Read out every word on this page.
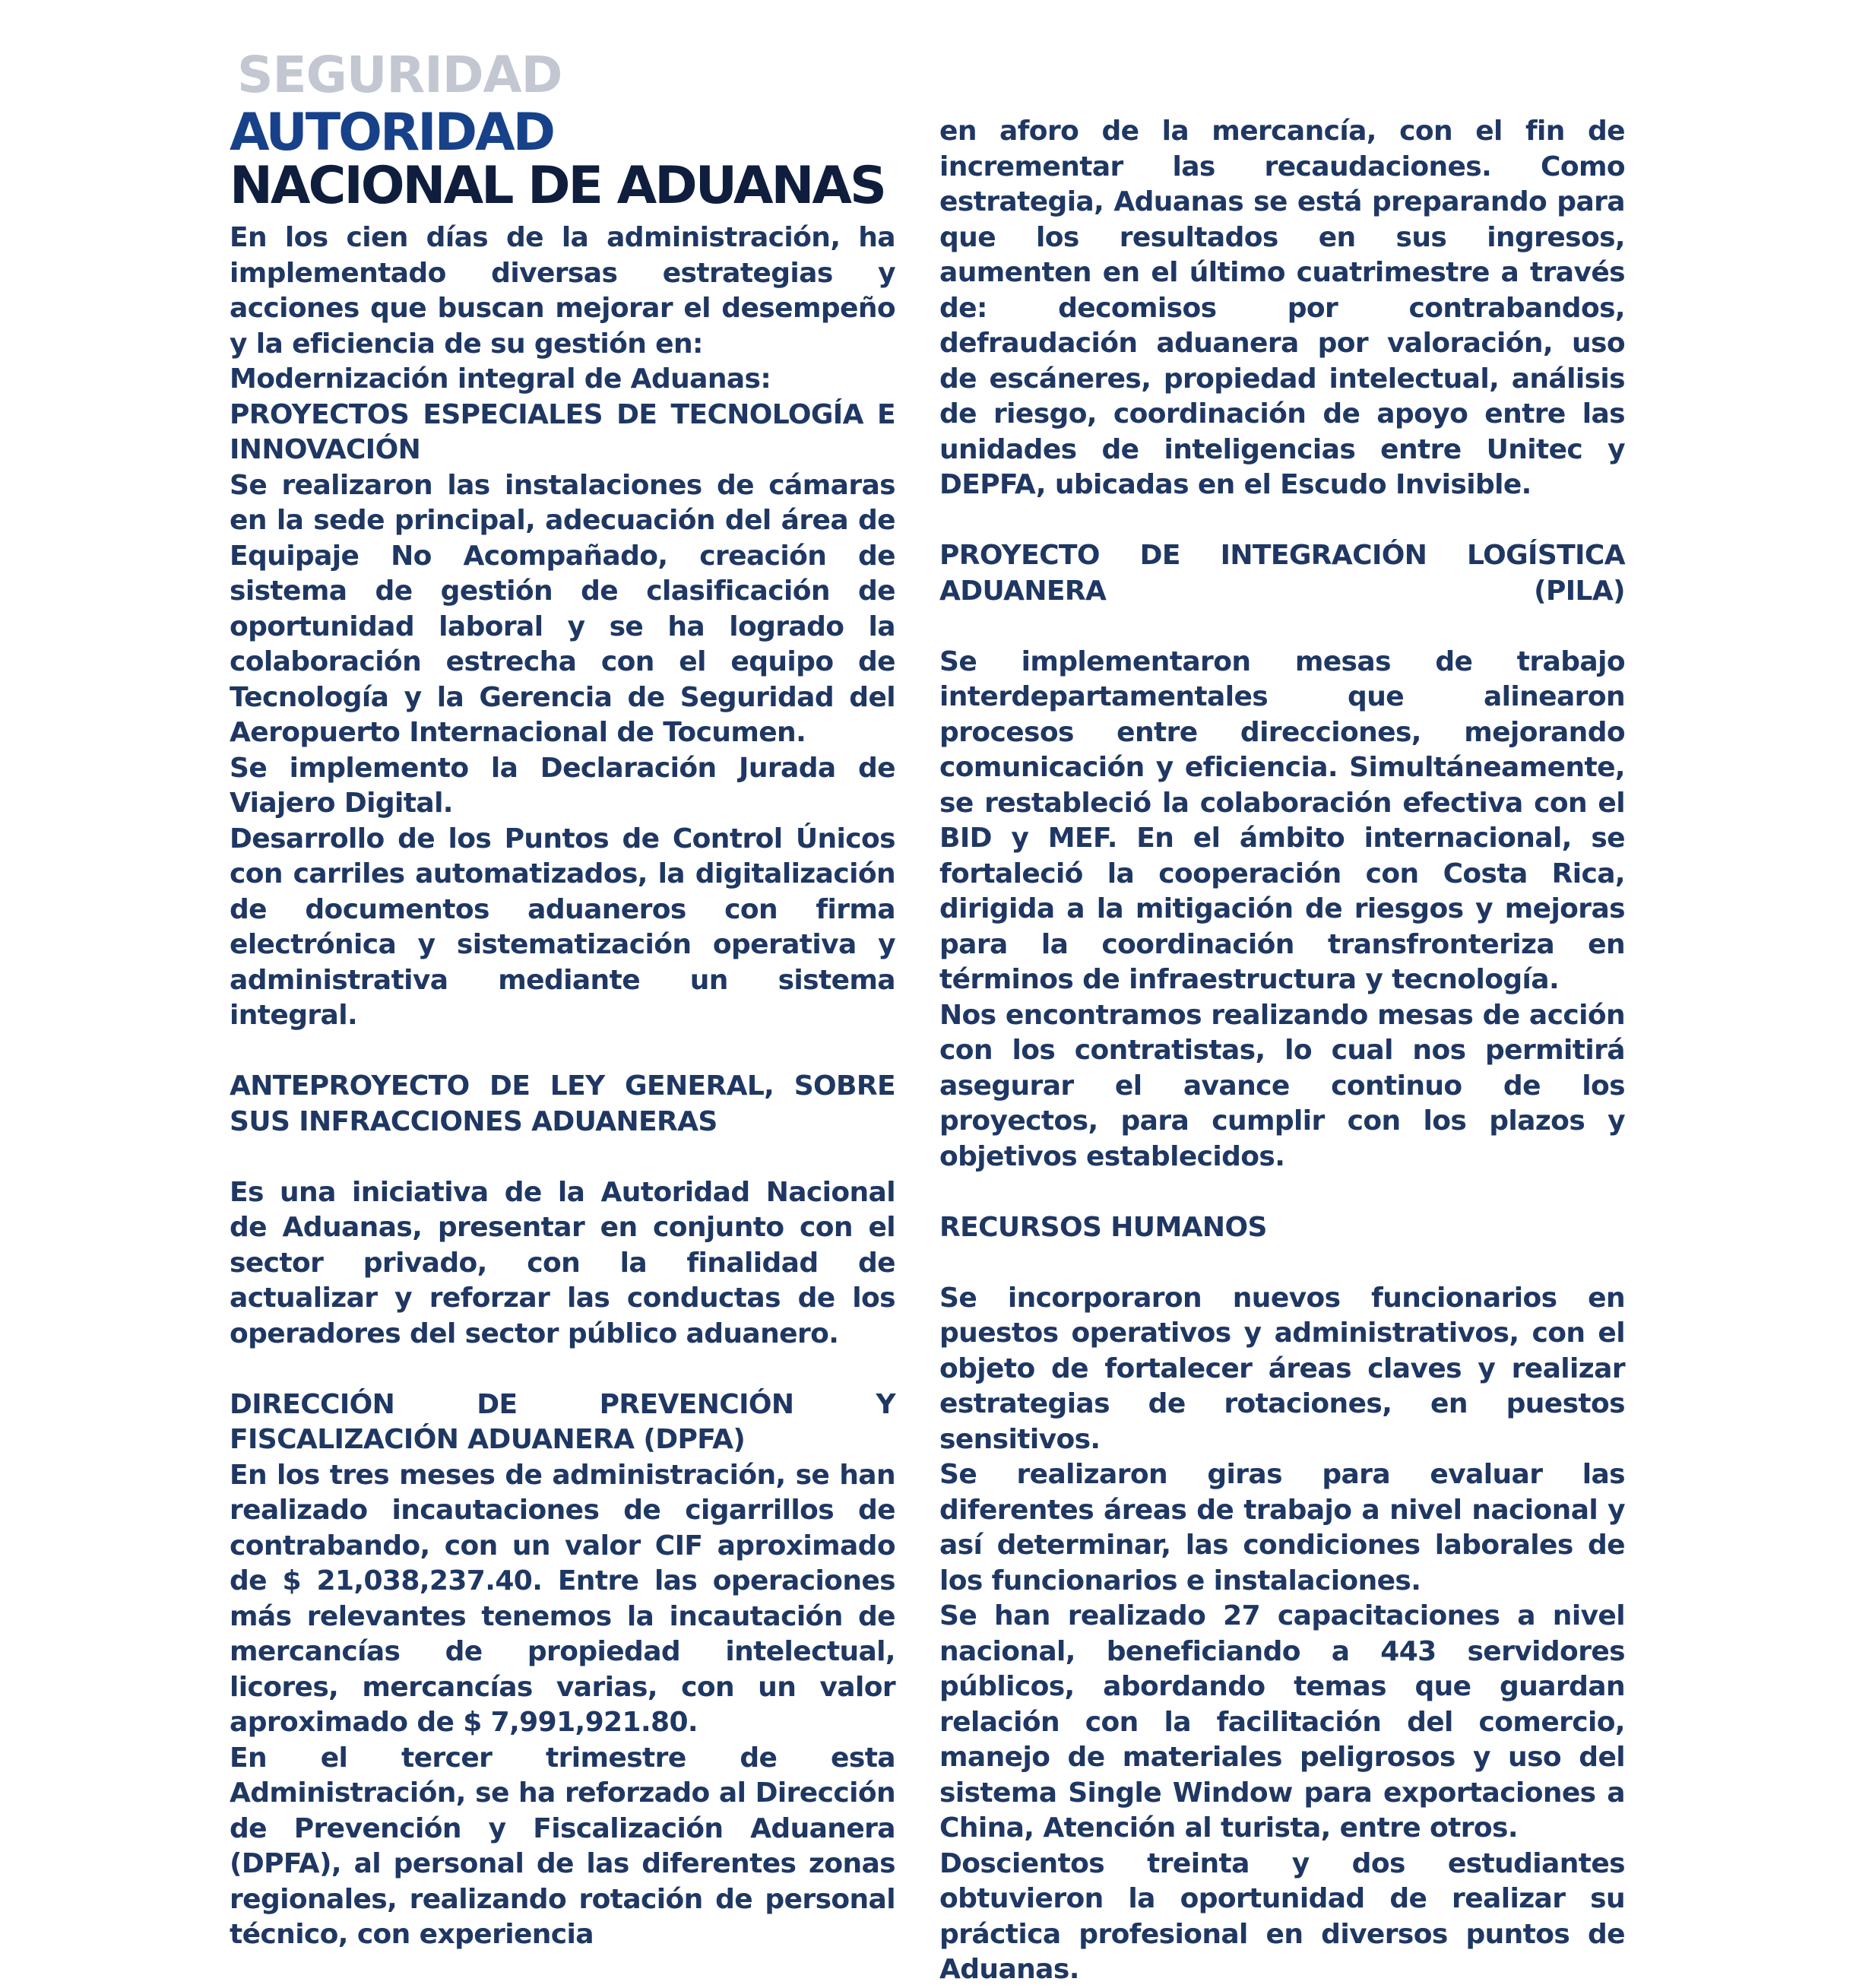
SEGURIDAD
AUTORIDAD
NACIONAL DE ADUANAS

En los cien días de la administración, ha implementado diversas estrategias y acciones que buscan mejorar el desempeño y la eficiencia de su gestión en:

Modernización integral de Aduanas:

PROYECTOS ESPECIALES DE TECNOLOGÍA E INNOVACIÓN

Se realizaron las instalaciones de cámaras en la sede principal, adecuación del área de Equipaje No Acompañado, creación de sistema de gestión de clasificación de oportunidad laboral y se ha logrado la colaboración estrecha con el equipo de Tecnología y la Gerencia de Seguridad del Aeropuerto Internacional de Tocumen.

Se implemento la Declaración Jurada de Viajero Digital.

Desarrollo de los Puntos de Control Únicos con carriles automatizados, la digitalización de documentos aduaneros con firma electrónica y sistematización operativa y administrativa mediante un sistema integral.

ANTEPROYECTO DE LEY GENERAL, SOBRE SUS INFRACCIONES ADUANERAS

Es una iniciativa de la Autoridad Nacional de Aduanas, presentar en conjunto con el sector privado, con la finalidad de actualizar y reforzar las conductas de los operadores del sector público aduanero.

DIRECCIÓN DE PREVENCIÓN Y FISCALIZACIÓN ADUANERA (DPFA)

En los tres meses de administración, se han realizado incautaciones de cigarrillos de contrabando, con un valor CIF aproximado de $ 21,038,237.40. Entre las operaciones más relevantes tenemos la incautación de mercancías de propiedad intelectual, licores, mercancías varias, con un valor aproximado de $ 7,991,921.80.

En el tercer trimestre de esta Administración, se ha reforzado al Dirección de Prevención y Fiscalización Aduanera (DPFA), al personal de las diferentes zonas regionales, realizando rotación de personal técnico, con experiencia

en aforo de la mercancía, con el fin de incrementar las recaudaciones. Como estrategia, Aduanas se está preparando para que los resultados en sus ingresos, aumenten en el último cuatrimestre a través de: decomisos por contrabandos, defraudación aduanera por valoración, uso de escáneres, propiedad intelectual, análisis de riesgo, coordinación de apoyo entre las unidades de inteligencias entre Unitec y DEPFA, ubicadas en el Escudo Invisible.

PROYECTO DE INTEGRACIÓN LOGÍSTICA ADUANERA (PILA)

Se implementaron mesas de trabajo interdepartamentales que alinearon procesos entre direcciones, mejorando comunicación y eficiencia. Simultáneamente, se restableció la colaboración efectiva con el BID y MEF. En el ámbito internacional, se fortaleció la cooperación con Costa Rica, dirigida a la mitigación de riesgos y mejoras para la coordinación transfronteriza en términos de infraestructura y tecnología.

Nos encontramos realizando mesas de acción con los contratistas, lo cual nos permitirá asegurar el avance continuo de los proyectos, para cumplir con los plazos y objetivos establecidos.

RECURSOS HUMANOS

Se incorporaron nuevos funcionarios en puestos operativos y administrativos, con el objeto de fortalecer áreas claves y realizar estrategias de rotaciones, en puestos sensitivos.

Se realizaron giras para evaluar las diferentes áreas de trabajo a nivel nacional y así determinar, las condiciones laborales de los funcionarios e instalaciones.

Se han realizado 27 capacitaciones a nivel nacional, beneficiando a 443 servidores públicos, abordando temas que guardan relación con la facilitación del comercio, manejo de materiales peligrosos y uso del sistema Single Window para exportaciones a China, Atención al turista, entre otros.

Doscientos treinta y dos estudiantes obtuvieron la oportunidad de realizar su práctica profesional en diversos puntos de Aduanas.
